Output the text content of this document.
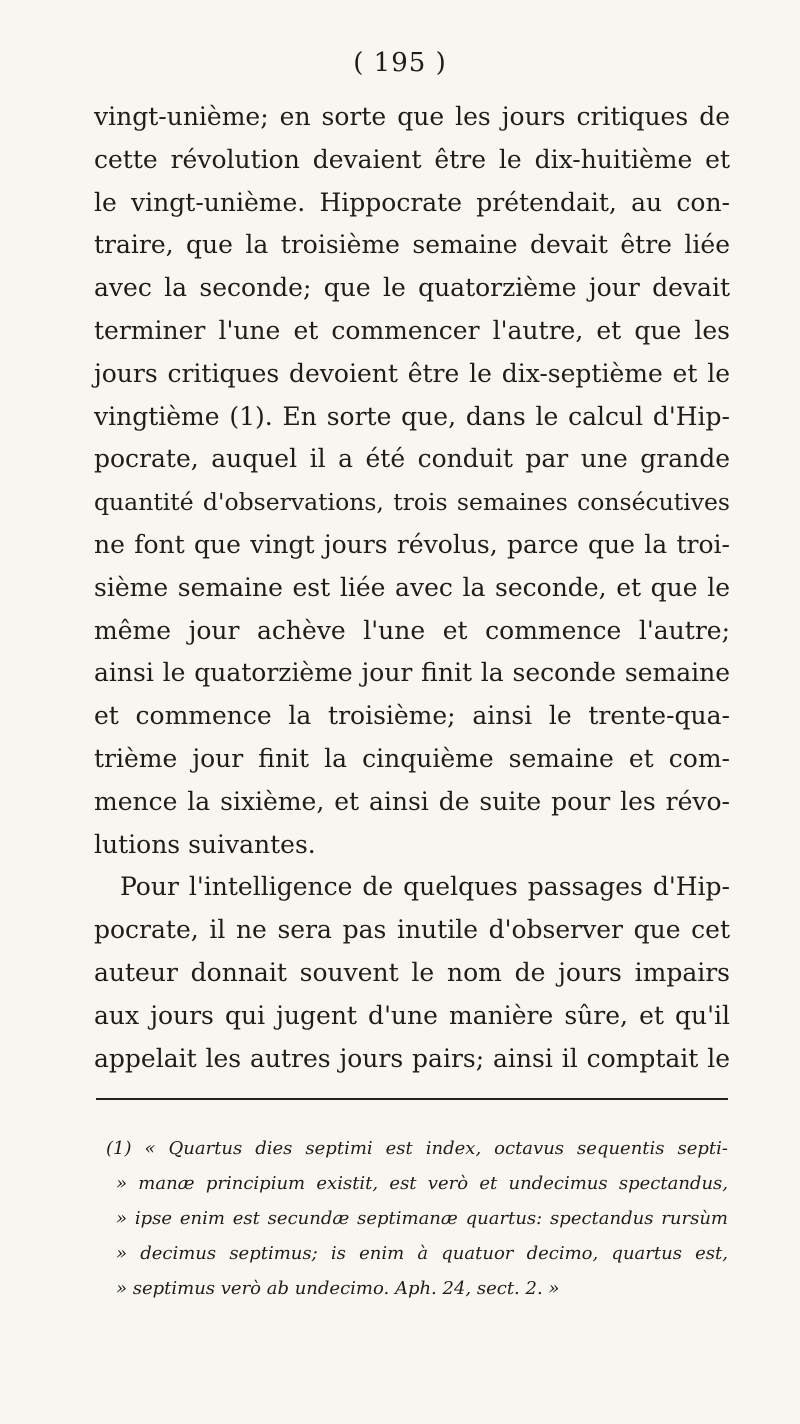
( 195 )
vingt-unième; en sorte que les jours critiques de
cette révolution devaient être le dix-huitième et
le vingt-unième. Hippocrate prétendait, au con-
traire, que la troisième semaine devait être liée
avec la seconde; que le quatorzième jour devait
terminer l'une et commencer l'autre, et que les
jours critiques devoient être le dix-septième et le
vingtième (1). En sorte que, dans le calcul d'Hip-
pocrate, auquel il a été conduit par une grande
quantité d'observations, trois semaines consécutives
ne font que vingt jours révolus, parce que la troi-
sième semaine est liée avec la seconde, et que le
même jour achève l'une et commence l'autre;
ainsi le quatorzième jour finit la seconde semaine
et commence la troisième; ainsi le trente-qua-
trième jour finit la cinquième semaine et com-
mence la sixième, et ainsi de suite pour les révo-
lutions suivantes.
Pour l'intelligence de quelques passages d'Hip-
pocrate, il ne sera pas inutile d'observer que cet
auteur donnait souvent le nom de jours impairs
aux jours qui jugent d'une manière sûre, et qu'il
appelait les autres jours pairs; ainsi il comptait le
(1) « Quartus dies septimi est index, octavus sequentis septi-
» manæ principium existit, est verò et undecimus spectandus,
» ipse enim est secundæ septimanæ quartus: spectandus rursùm
» decimus septimus; is enim à quatuor decimo, quartus est,
» septimus verò ab undecimo. Aph. 24, sect. 2. »
